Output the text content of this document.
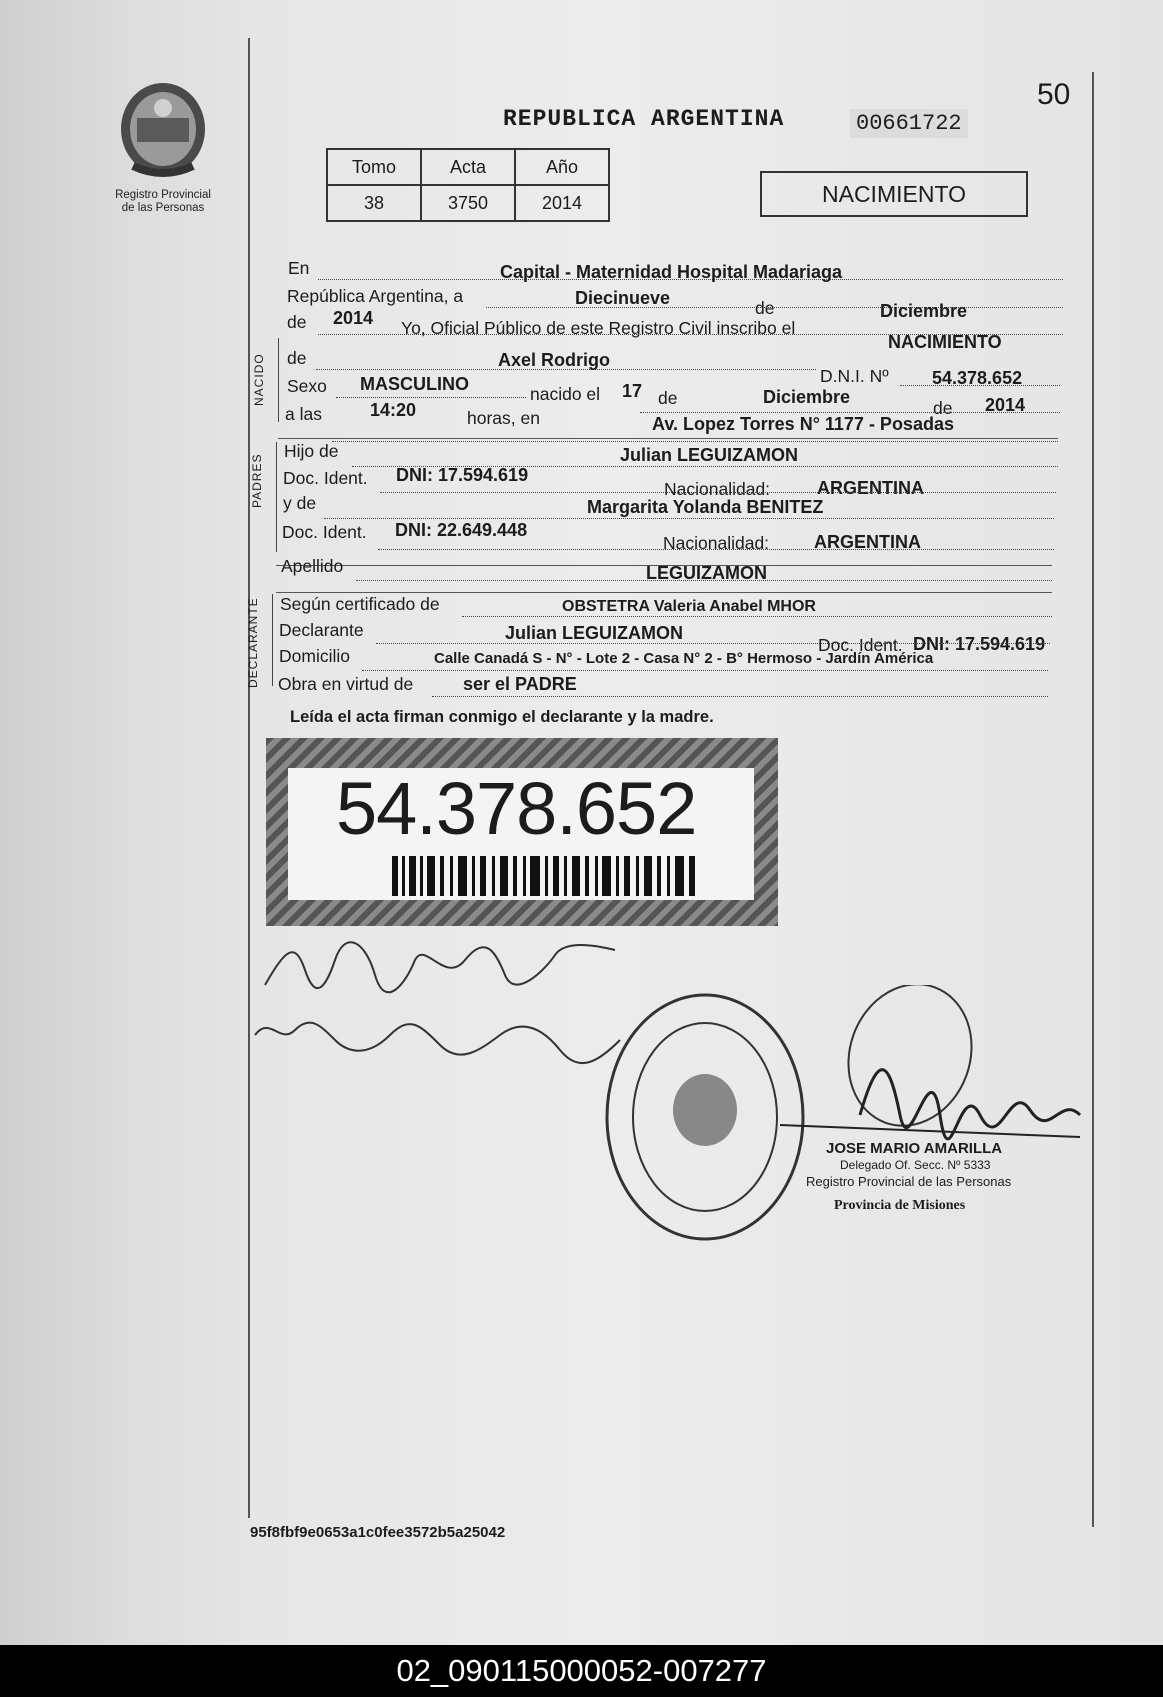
Registro Provincial
de las Personas
REPUBLICA ARGENTINA	00661722
50
Tomo	Acta	Año
38	3750	2014	NACIMIENTO
En	Capital - Maternidad Hospital Madariaga
República Argentina, a	Diecinueve	de	Diciembre
de 2014 Yo, Oficial Público de este Registro Civil inscribo el
NACIMIENTO
NACIDO de	Axel Rodrigo
D.N.I. Nº 54.378.652
Sexo MASCULINO	nacido el 17 de	Diciembre
de 2014
a las	14:20	horas, en	Av. Lopez Torres N° 1177 - Posadas
PADRES
Hijo de	Julian LEGUIZAMON
Doc. Ident. DNI: 17.594.619
Nacionalidad:	ARGENTINA
y de	Margarita Yolanda BENITEZ
Doc. Ident. DNI: 22.649.448
Nacionalidad: ARGENTINA
Apellido	LEGUIZAMON
DECLARANTE Según certificado de	OBSTETRA Valeria Anabel MHOR
Declarante	Julian LEGUIZAMON
Doc. Ident. DNI: 17.594.619
Domicilio	Calle Canadá S - N° - Lote 2 - Casa N° 2 - B° Hermoso - Jardín América
Obra en virtud de	ser el PADRE
Leída el acta firman conmigo el declarante y la madre.
54.378.652
JOSE MARIO AMARILLA
Delegado Of. Secc. Nº 5333
Registro Provincial de las Personas
Provincia de Misiones
95f8fbf9e0653a1c0fee3572b5a25042
02_090115000052-007277
